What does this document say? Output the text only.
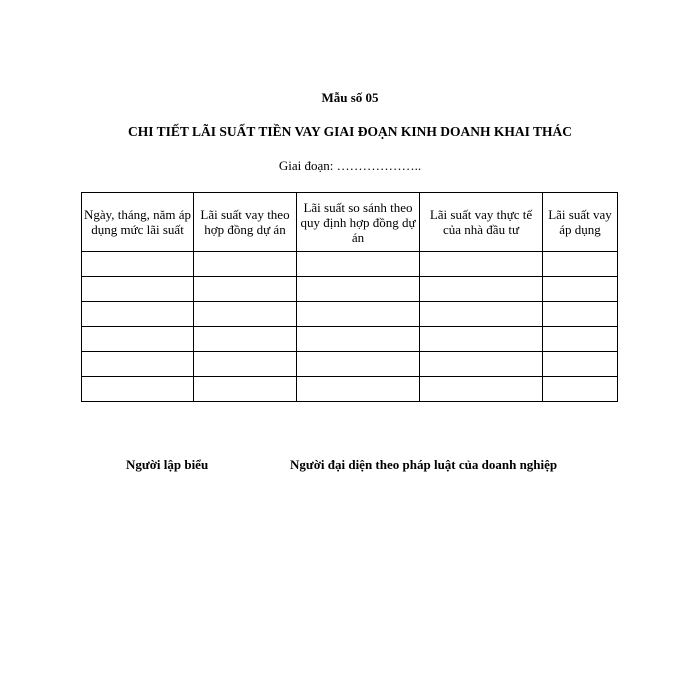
Mẫu số 05
CHI TIẾT LÃI SUẤT TIỀN VAY GIAI ĐOẠN KINH DOANH KHAI THÁC
Giai đoạn: ………………..
Ngày, tháng, năm áp dụng mức lãi suất	Lãi suất vay theo hợp đồng dự án	Lãi suất so sánh theo quy định hợp đồng dự án	Lãi suất vay thực tế của nhà đầu tư	Lãi suất vay áp dụng

Người lập biểu	Người đại diện theo pháp luật của doanh nghiệp
